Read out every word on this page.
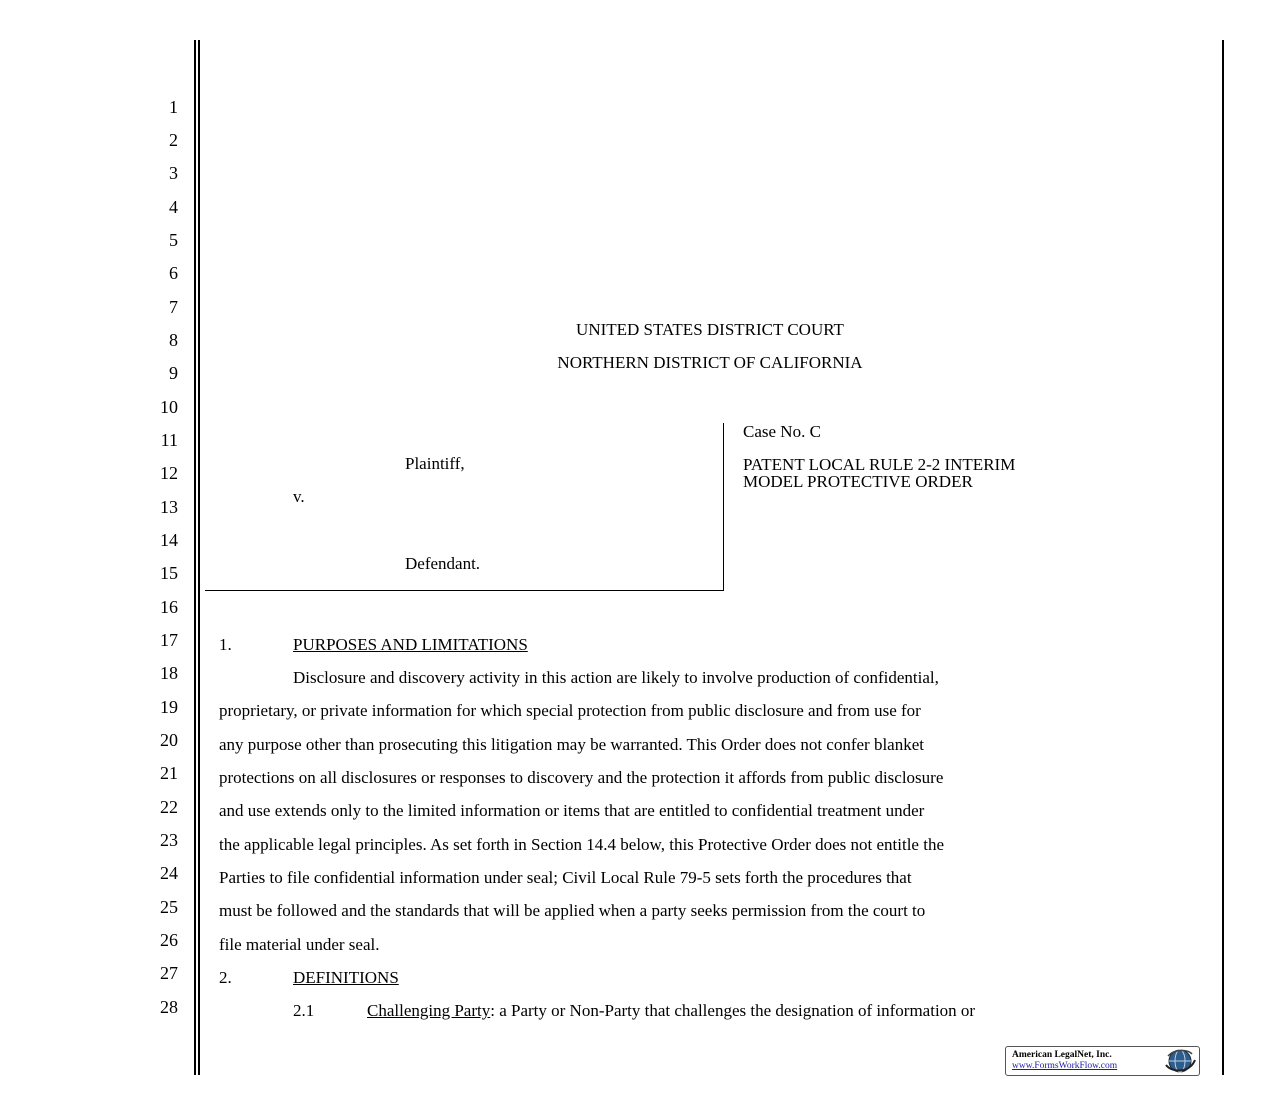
1
2
3
4
5
6
7
8
9
10
11
12
13
14
15
16
17
18
19
20
21
22
23
24
25
26
27
28
UNITED STATES DISTRICT COURT
NORTHERN DISTRICT OF CALIFORNIA
Plaintiff,
v.
Defendant.
Case No. C
PATENT LOCAL RULE 2-2 INTERIM
MODEL PROTECTIVE ORDER
1.	PURPOSES AND LIMITATIONS
Disclosure and discovery activity in this action are likely to involve production of confidential,
proprietary, or private information for which special protection from public disclosure and from use for
any purpose other than prosecuting this litigation may be warranted. This Order does not confer blanket
protections on all disclosures or responses to discovery and the protection it affords from public disclosure
and use extends only to the limited information or items that are entitled to confidential treatment under
the applicable legal principles. As set forth in Section 14.4 below, this Protective Order does not entitle the
Parties to file confidential information under seal; Civil Local Rule 79-5 sets forth the procedures that
must be followed and the standards that will be applied when a party seeks permission from the court to
file material under seal.
2.	DEFINITIONS
2.1	Challenging Party: a Party or Non-Party that challenges the designation of information or
American LegalNet, Inc.
www.FormsWorkFlow.com
